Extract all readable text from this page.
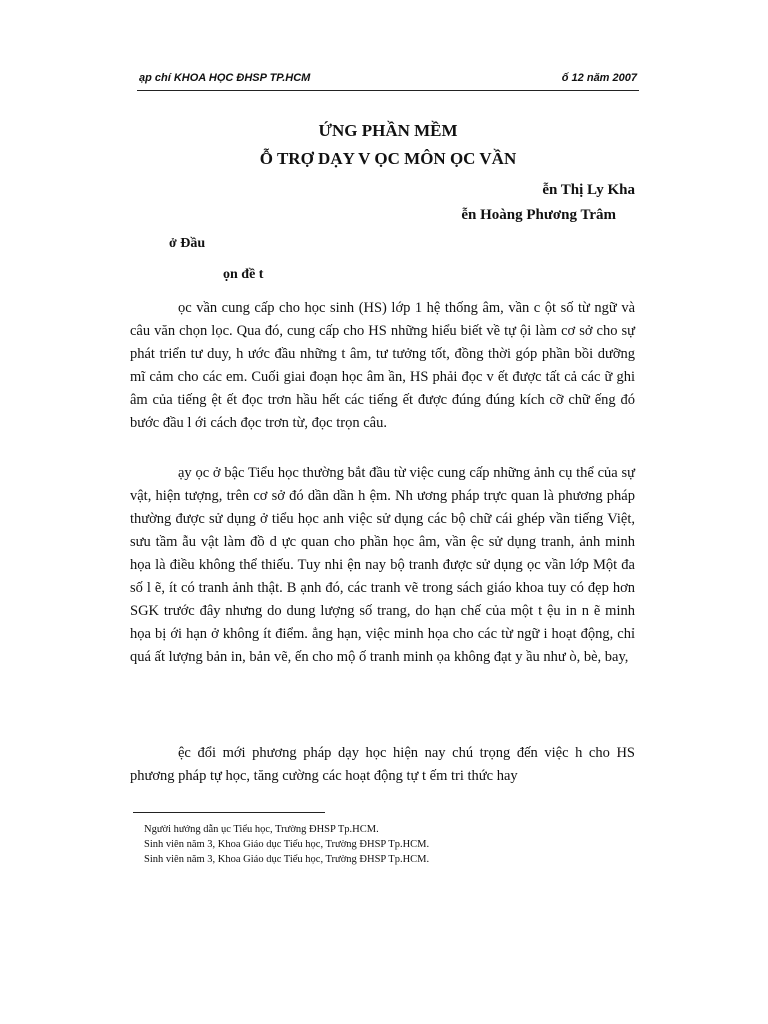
ạp chí KHOA HỌC ĐHSP TP.HCM	ố 12 năm 2007
ỨNG PHẦN MỀM
Ỗ TRỢ DẠY V ỌC MÔN ỌC VẦN
ễn Thị Ly Kha
ễn Hoàng Phương Trâm
ở Đầu
ọn đề t
ọc vần cung cấp cho học sinh (HS) lớp 1 hệ thống âm, vần c ột số từ ngữ và câu văn chọn lọc. Qua đó, cung cấp cho HS những hiểu biết về tự ội làm cơ sở cho sự phát triển tư duy, h ước đầu những t âm, tư tưởng tốt, đồng thời góp phần bồi dưỡng mĩ cảm cho các em. Cuối giai đoạn học âm ần, HS phải đọc v ết được tất cả các ữ ghi âm của tiếng ệt ết đọc trơn hầu hết các tiếng ết được đúng đúng kích cỡ chữ ếng đó bước đầu l ới cách đọc trơn từ, đọc trọn câu.
ạy ọc ở bậc Tiểu học thường bắt đầu từ việc cung cấp những ảnh cụ thể của sự vật, hiện tượng, trên cơ sở đó dần dần h ệm. Nh ương pháp trực quan là phương pháp thường được sử dụng ở tiểu học anh việc sử dụng các bộ chữ cái ghép vần tiếng Việt, sưu tầm ẫu vật làm đồ d ực quan cho phần học âm, vần ệc sử dụng tranh, ảnh minh họa là điều không thể thiếu. Tuy nhi ện nay bộ tranh được sử dụng ọc vần lớp Một đa số l ẽ, ít có tranh ảnh thật. B ạnh đó, các tranh vẽ trong sách giáo khoa tuy có đẹp hơn SGK trước đây nhưng do dung lượng số trang, do hạn chế của một t ệu in n ẽ minh họa bị ới hạn ở không ít điểm. ẳng hạn, việc minh họa cho các từ ngữ i hoạt động, chỉ quá ất lượng bản in, bản vẽ, ến cho mộ ố tranh minh ọa không đạt y ầu như ò, bè, bay,
ệc đổi mới phương pháp dạy học hiện nay chú trọng đến việc h cho HS phương pháp tự học, tăng cường các hoạt động tự t ếm tri thức hay
Người hướng dẫn ục Tiểu học, Trường ĐHSP Tp.HCM.
Sinh viên năm 3, Khoa Giáo dục Tiểu học, Trường ĐHSP Tp.HCM.
Sinh viên năm 3, Khoa Giáo dục Tiểu học, Trường ĐHSP Tp.HCM.
